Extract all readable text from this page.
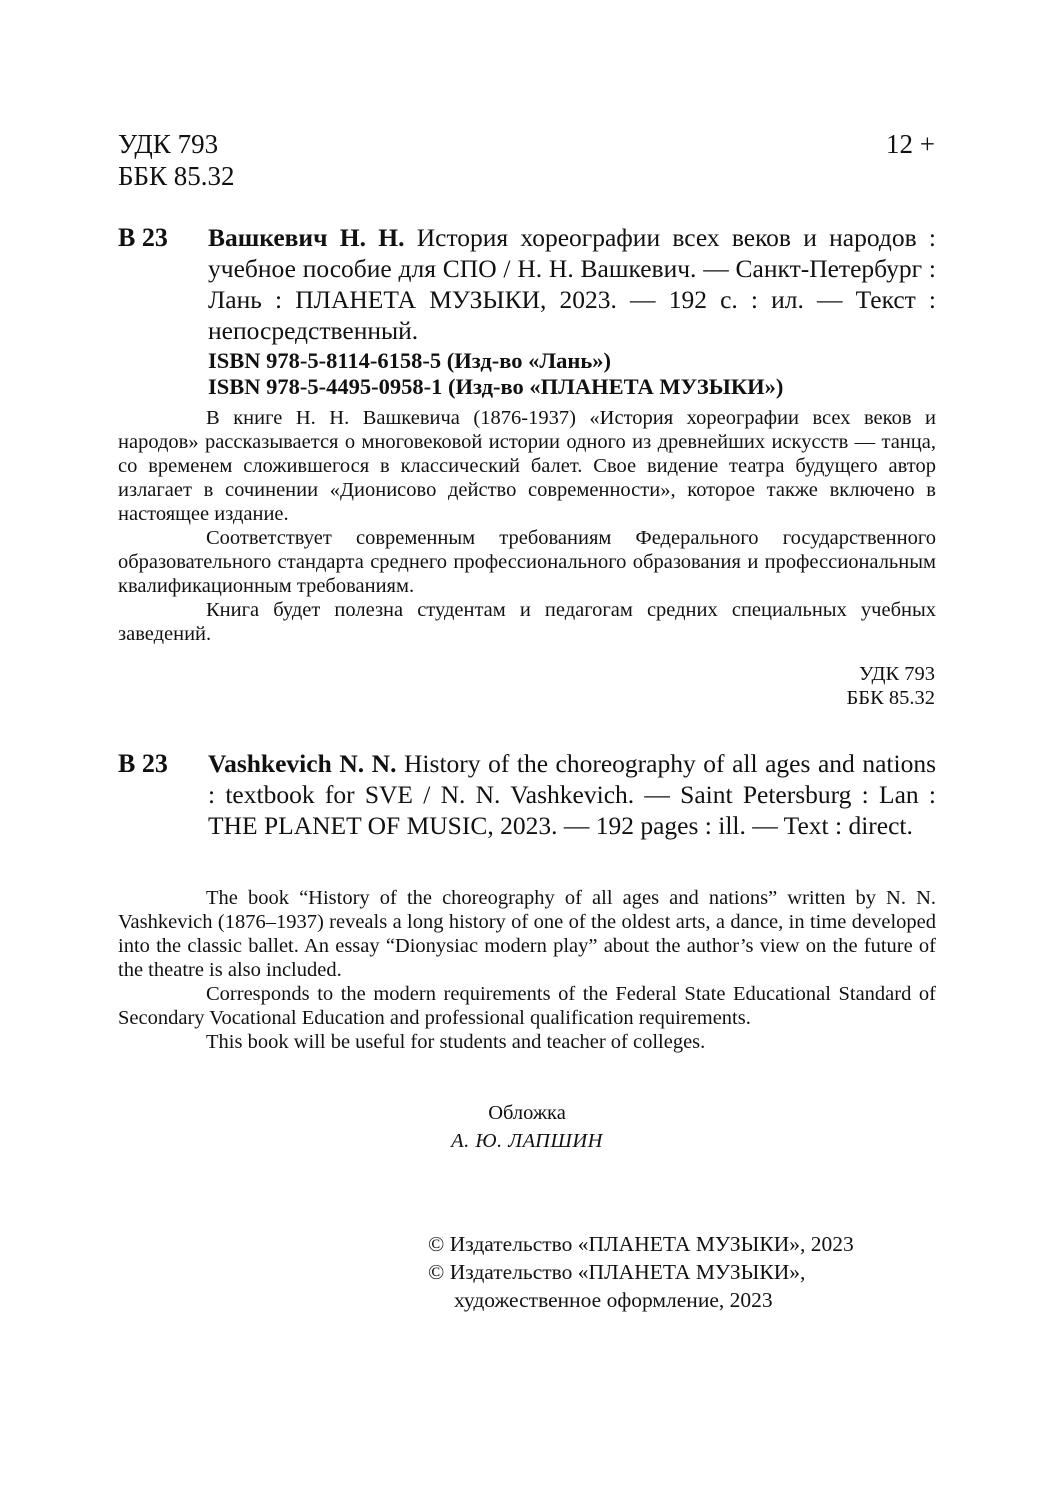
УДК 793
ББК 85.32
12 +
В 23 Вашкевич Н. Н. История хореографии всех веков и народов : учебное пособие для СПО / Н. Н. Вашкевич. — Санкт-Петербург : Лань : ПЛАНЕТА МУЗЫКИ, 2023. — 192 с. : ил. — Текст : непосредственный.
ISBN 978-5-8114-6158-5 (Изд-во «Лань»)
ISBN 978-5-4495-0958-1 (Изд-во «ПЛАНЕТА МУЗЫКИ»)

В книге Н. Н. Вашкевича (1876-1937) «История хореографии всех веков и народов» рассказывается о многовековой истории одного из древнейших искусств — танца, со временем сложившегося в классический балет. Свое видение театра будущего автор излагает в сочинении «Дионисово действо современности», которое также включено в настоящее издание.

Соответствует современным требованиям Федерального государственного образовательного стандарта среднего профессионального образования и профессиональным квалификационным требованиям.

Книга будет полезна студентам и педагогам средних специальных учебных заведений.

УДК 793
ББК 85.32
В 23 Vashkevich N. N. History of the choreography of all ages and nations : textbook for SVE / N. N. Vashkevich. — Saint Petersburg : Lan : THE PLANET OF MUSIC, 2023. — 192 pages : ill. — Text : direct.

The book “History of the choreography of all ages and nations” written by N. N. Vashkevich (1876–1937) reveals a long history of one of the oldest arts, a dance, in time developed into the classic ballet. An essay “Dionysiac modern play” about the author’s view on the future of the theatre is also included.

Corresponds to the modern requirements of the Federal State Educational Standard of Secondary Vocational Education and professional qualification requirements.

This book will be useful for students and teacher of colleges.

Обложка
А. Ю. ЛАПШИН
© Издательство «ПЛАНЕТА МУЗЫКИ», 2023
© Издательство «ПЛАНЕТА МУЗЫКИ»,
художественное оформление, 2023
